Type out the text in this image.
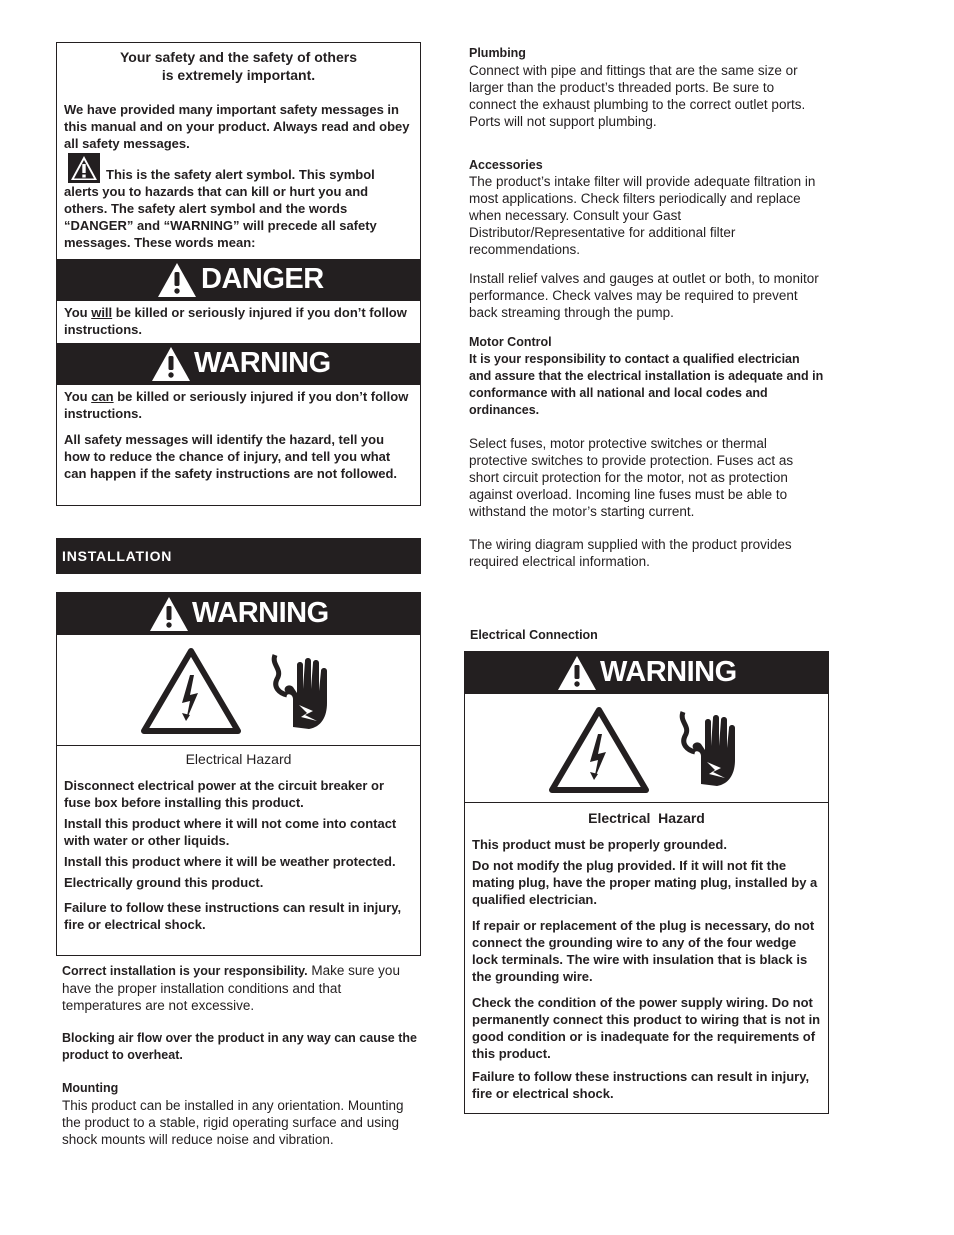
Your safety and the safety of others
is extremely important.

We have provided many important safety messages in this manual and on your product. Always read and obey all safety messages.

This is the safety alert symbol. This symbol alerts you to hazards that can kill or hurt you and others. The safety alert symbol and the words “DANGER” and “WARNING” will precede all safety messages. These words mean:

DANGER

You will be killed or seriously injured if you don’t follow instructions.

WARNING

You can be killed or seriously injured if you don’t follow instructions.

All safety messages will identify the hazard, tell you how to reduce the chance of injury, and tell you what can happen if the safety instructions are not followed.

INSTALLATION
WARNING
Electrical Hazard

Disconnect electrical power at the circuit breaker or fuse box before installing this product.

Install this product where it will not come into contact with water or other liquids.

Install this product where it will be weather protected.

Electrically ground this product.

Failure to follow these instructions can result in injury, fire or electrical shock.

Correct installation is your responsibility. Make sure you have the proper installation conditions and that temperatures are not excessive.

Blocking air flow over the product in any way can cause the product to overheat.

Mounting

This product can be installed in any orientation. Mounting the product to a stable, rigid operating surface and using shock mounts will reduce noise and vibration.

Plumbing

Connect with pipe and fittings that are the same size or larger than the product’s threaded ports. Be sure to connect the exhaust plumbing to the correct outlet ports. Ports will not support plumbing.

Accessories

The product’s intake filter will provide adequate filtration in most applications. Check filters periodically and replace when necessary. Consult your Gast Distributor/Representative for additional filter recommendations.

Install relief valves and gauges at outlet or both, to monitor performance. Check valves may be required to prevent back streaming through the pump.

Motor Control

It is your responsibility to contact a qualified electrician and assure that the electrical installation is adequate and in conformance with all national and local codes and ordinances.

Select fuses, motor protective switches or thermal protective switches to provide protection. Fuses act as short circuit protection for the motor, not as protection against overload. Incoming line fuses must be able to withstand the motor’s starting current.

The wiring diagram supplied with the product provides required electrical information.

Electrical Connection

WARNING
Electrical  Hazard

This product must be properly grounded.

Do not modify the plug provided. If it will not fit the mating plug, have the proper mating plug, installed by a qualified electrician.

If repair or replacement of the plug is necessary, do not connect the grounding wire to any of the four wedge lock terminals. The wire with insulation that is black is the grounding wire.

Check the condition of the power supply wiring. Do not permanently connect this product to wiring that is not in good condition or is inadequate for the requirements of this product.

Failure to follow these instructions can result in injury, fire or electrical shock.
